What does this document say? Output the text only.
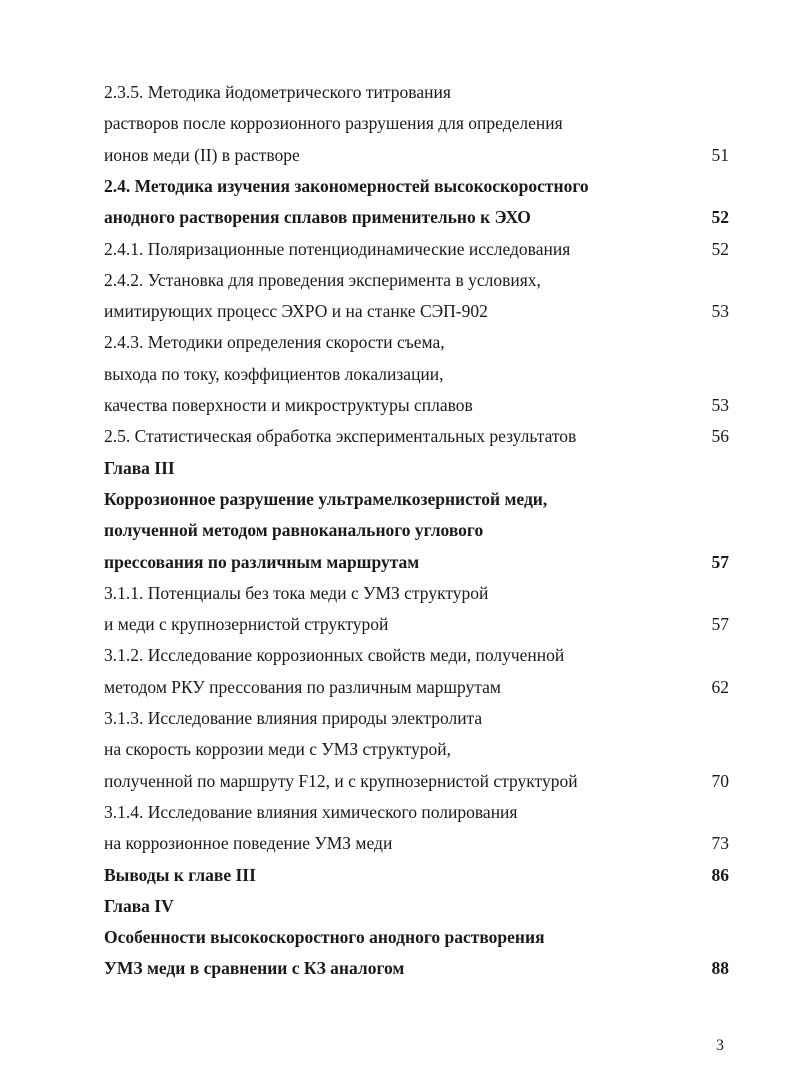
2.3.5. Методика йодометрического титрования
растворов после коррозионного разрушения для определения
ионов меди (II) в растворе	51
2.4. Методика изучения закономерностей высокоскоростного
анодного растворения сплавов применительно к ЭХО	52
2.4.1. Поляризационные потенциодинамические исследования	52
2.4.2. Установка для проведения эксперимента в условиях,
имитирующих процесс ЭХРО и на станке СЭП-902	53
2.4.3. Методики определения скорости съема,
выхода по току, коэффициентов локализации,
качества поверхности и микроструктуры сплавов	53
2.5. Статистическая обработка экспериментальных результатов	56
Глава III
Коррозионное разрушение ультрамелкозернистой меди,
полученной методом равноканального углового
прессования по различным маршрутам	57
3.1.1. Потенциалы без тока меди с УМЗ структурой
и меди с крупнозернистой структурой	57
3.1.2. Исследование коррозионных свойств меди, полученной
методом РКУ прессования по различным маршрутам	62
3.1.3. Исследование влияния природы электролита
на скорость коррозии меди с УМЗ структурой,
полученной по маршруту F12, и с крупнозернистой структурой	70
3.1.4. Исследование влияния химического полирования
на коррозионное поведение УМЗ меди	73
Выводы к главе III	86
Глава IV
Особенности высокоскоростного анодного растворения
УМЗ меди в сравнении с КЗ аналогом	88
3
